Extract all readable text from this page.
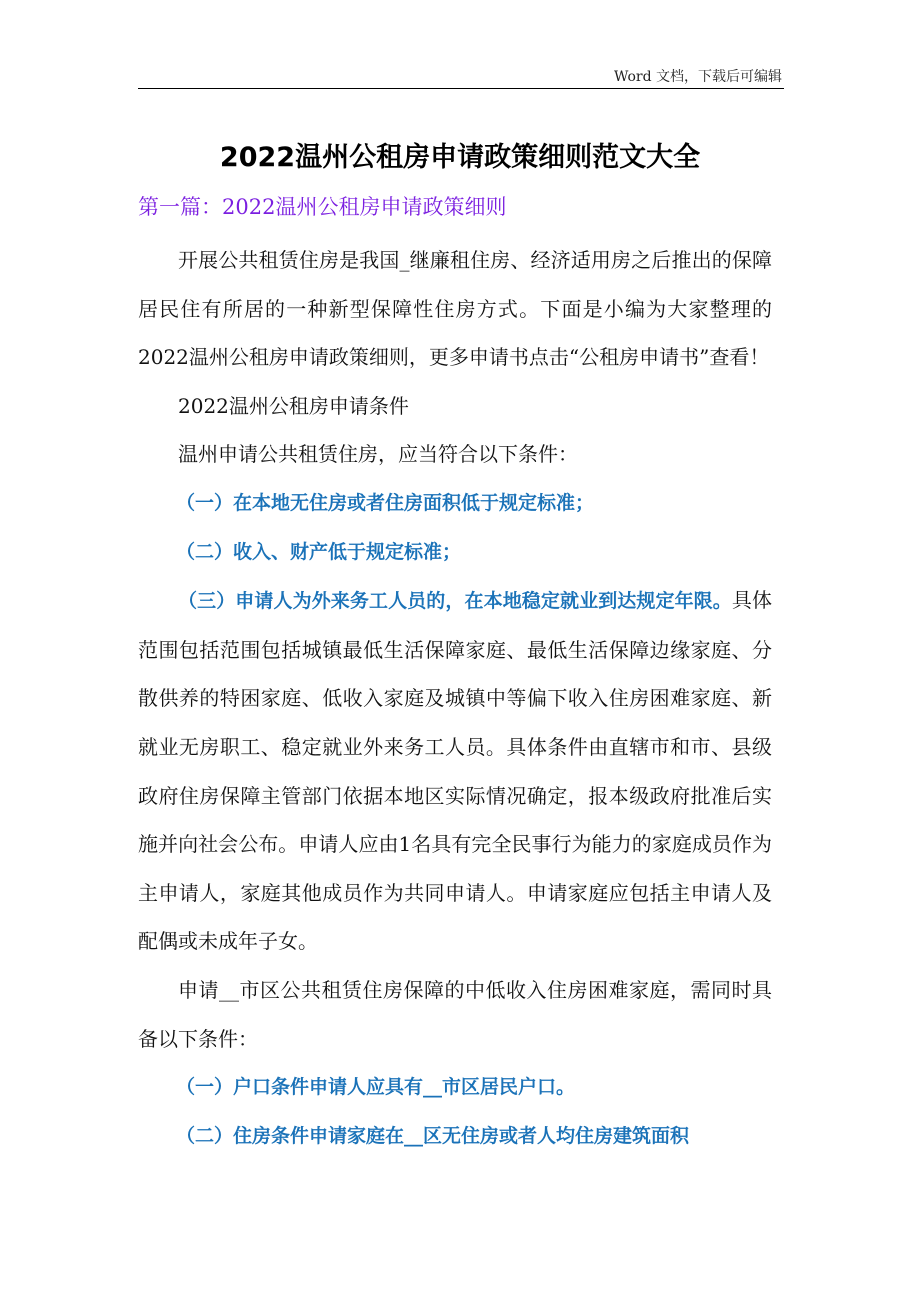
Word 文档，下载后可编辑
2022温州公租房申请政策细则范文大全
第一篇：2022温州公租房申请政策细则

开展公共租赁住房是我国_继廉租住房、经济适用房之后推出的保障居民住有所居的一种新型保障性住房方式。下面是小编为大家整理的2022温州公租房申请政策细则，更多申请书点击“公租房申请书”查看！

2022温州公租房申请条件

温州申请公共租赁住房，应当符合以下条件：

（一）在本地无住房或者住房面积低于规定标准；

（二）收入、财产低于规定标准；

（三）申请人为外来务工人员的，在本地稳定就业到达规定年限。具体范围包括范围包括城镇最低生活保障家庭、最低生活保障边缘家庭、分散供养的特困家庭、低收入家庭及城镇中等偏下收入住房困难家庭、新就业无房职工、稳定就业外来务工人员。具体条件由直辖市和市、县级政府住房保障主管部门依据本地区实际情况确定，报本级政府批准后实施并向社会公布。申请人应由1名具有完全民事行为能力的家庭成员作为主申请人，家庭其他成员作为共同申请人。申请家庭应包括主申请人及配偶或未成年子女。

申请__市区公共租赁住房保障的中低收入住房困难家庭，需同时具备以下条件：

（一）户口条件申请人应具有__市区居民户口。

（二）住房条件申请家庭在__区无住房或者人均住房建筑面积
